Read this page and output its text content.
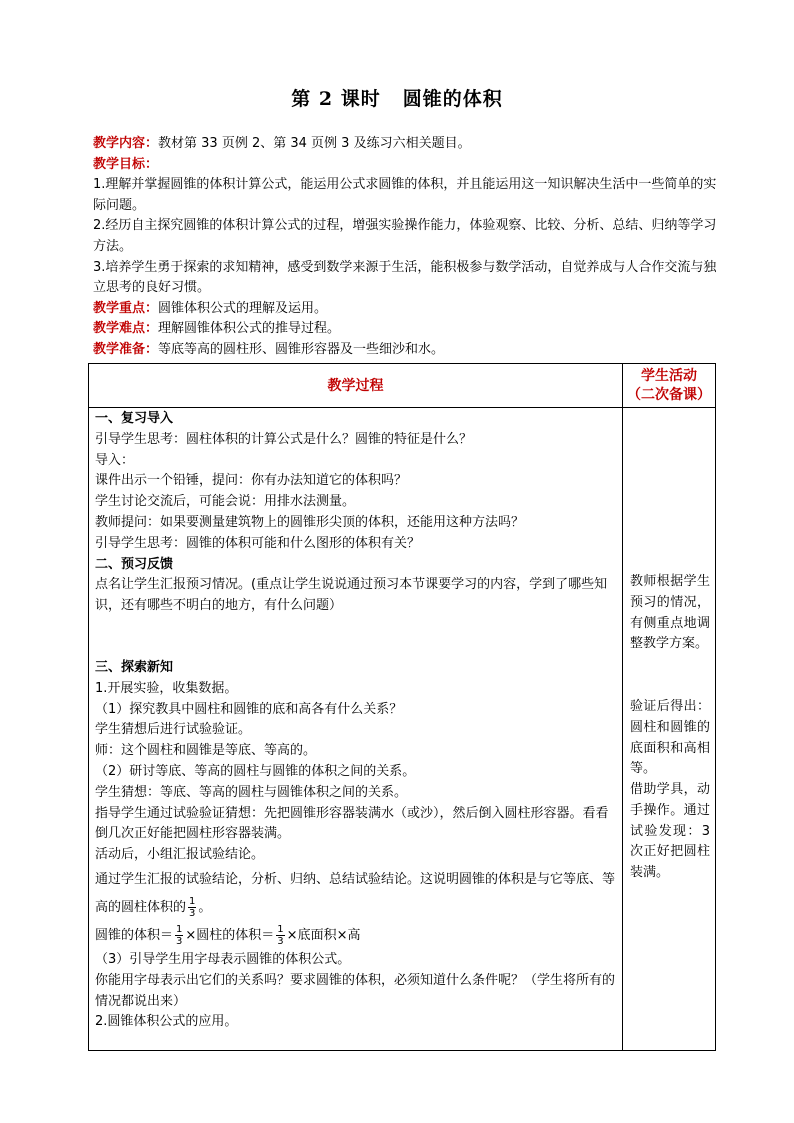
第 2 课时 圆锥的体积

教学内容：教材第 33 页例 2、第 34 页例 3 及练习六相关题目。

教学目标：

1.理解并掌握圆锥的体积计算公式，能运用公式求圆锥的体积，并且能运用这一知识解决生活中一些简单的实际问题。

2.经历自主探究圆锥的体积计算公式的过程，增强实验操作能力，体验观察、比较、分析、总结、归纳等学习方法。

3.培养学生勇于探索的求知精神，感受到数学来源于生活，能积极参与数学活动，自觉养成与人合作交流与独立思考的良好习惯。

教学重点：圆锥体积公式的理解及运用。

教学难点：理解圆锥体积公式的推导过程。

教学准备：等底等高的圆柱形、圆锥形容器及一些细沙和水。

教学过程
学生活动
（二次备课）

一、复习导入

引导学生思考：圆柱体积的计算公式是什么？圆锥的特征是什么？

导入：

课件出示一个铅锤，提问：你有办法知道它的体积吗？

学生讨论交流后，可能会说：用排水法测量。

教师提问：如果要测量建筑物上的圆锥形尖顶的体积，还能用这种方法吗？

引导学生思考：圆锥的体积可能和什么图形的体积有关？

二、预习反馈

点名让学生汇报预习情况。(重点让学生说说通过预习本节课要学习的内容，学到了哪些知识，还有哪些不明白的地方，有什么问题）

三、探索新知

1.开展实验，收集数据。

（1）探究教具中圆柱和圆锥的底和高各有什么关系？

学生猜想后进行试验验证。

师：这个圆柱和圆锥是等底、等高的。

（2）研讨等底、等高的圆柱与圆锥的体积之间的关系。

学生猜想：等底、等高的圆柱与圆锥体积之间的关系。

指导学生通过试验验证猜想：先把圆锥形容器装满水（或沙），然后倒入圆柱形容器。看看倒几次正好能把圆柱形容器装满。

活动后，小组汇报试验结论。

通过学生汇报的试验结论，分析、归纳、总结试验结论。这说明圆锥的体积是与它等底、等高的圆柱体积的 $\frac{1}{3}$ 。

圆锥的体积＝ $\frac{1}{3}$ ×圆柱的体积＝ $\frac{1}{3}$ ×底面积×高

（3）引导学生用字母表示圆锥的体积公式。

你能用字母表示出它们的关系吗？要求圆锥的体积，必须知道什么条件呢？（学生将所有的情况都说出来）

2.圆锥体积公式的应用。

教师根据学生预习的情况，有侧重点地调整教学方案。
验证后得出：圆柱和圆锥的底面积和高相等。
借助学具，动手操作。通过试验发现：3 次正好把圆柱装满。
